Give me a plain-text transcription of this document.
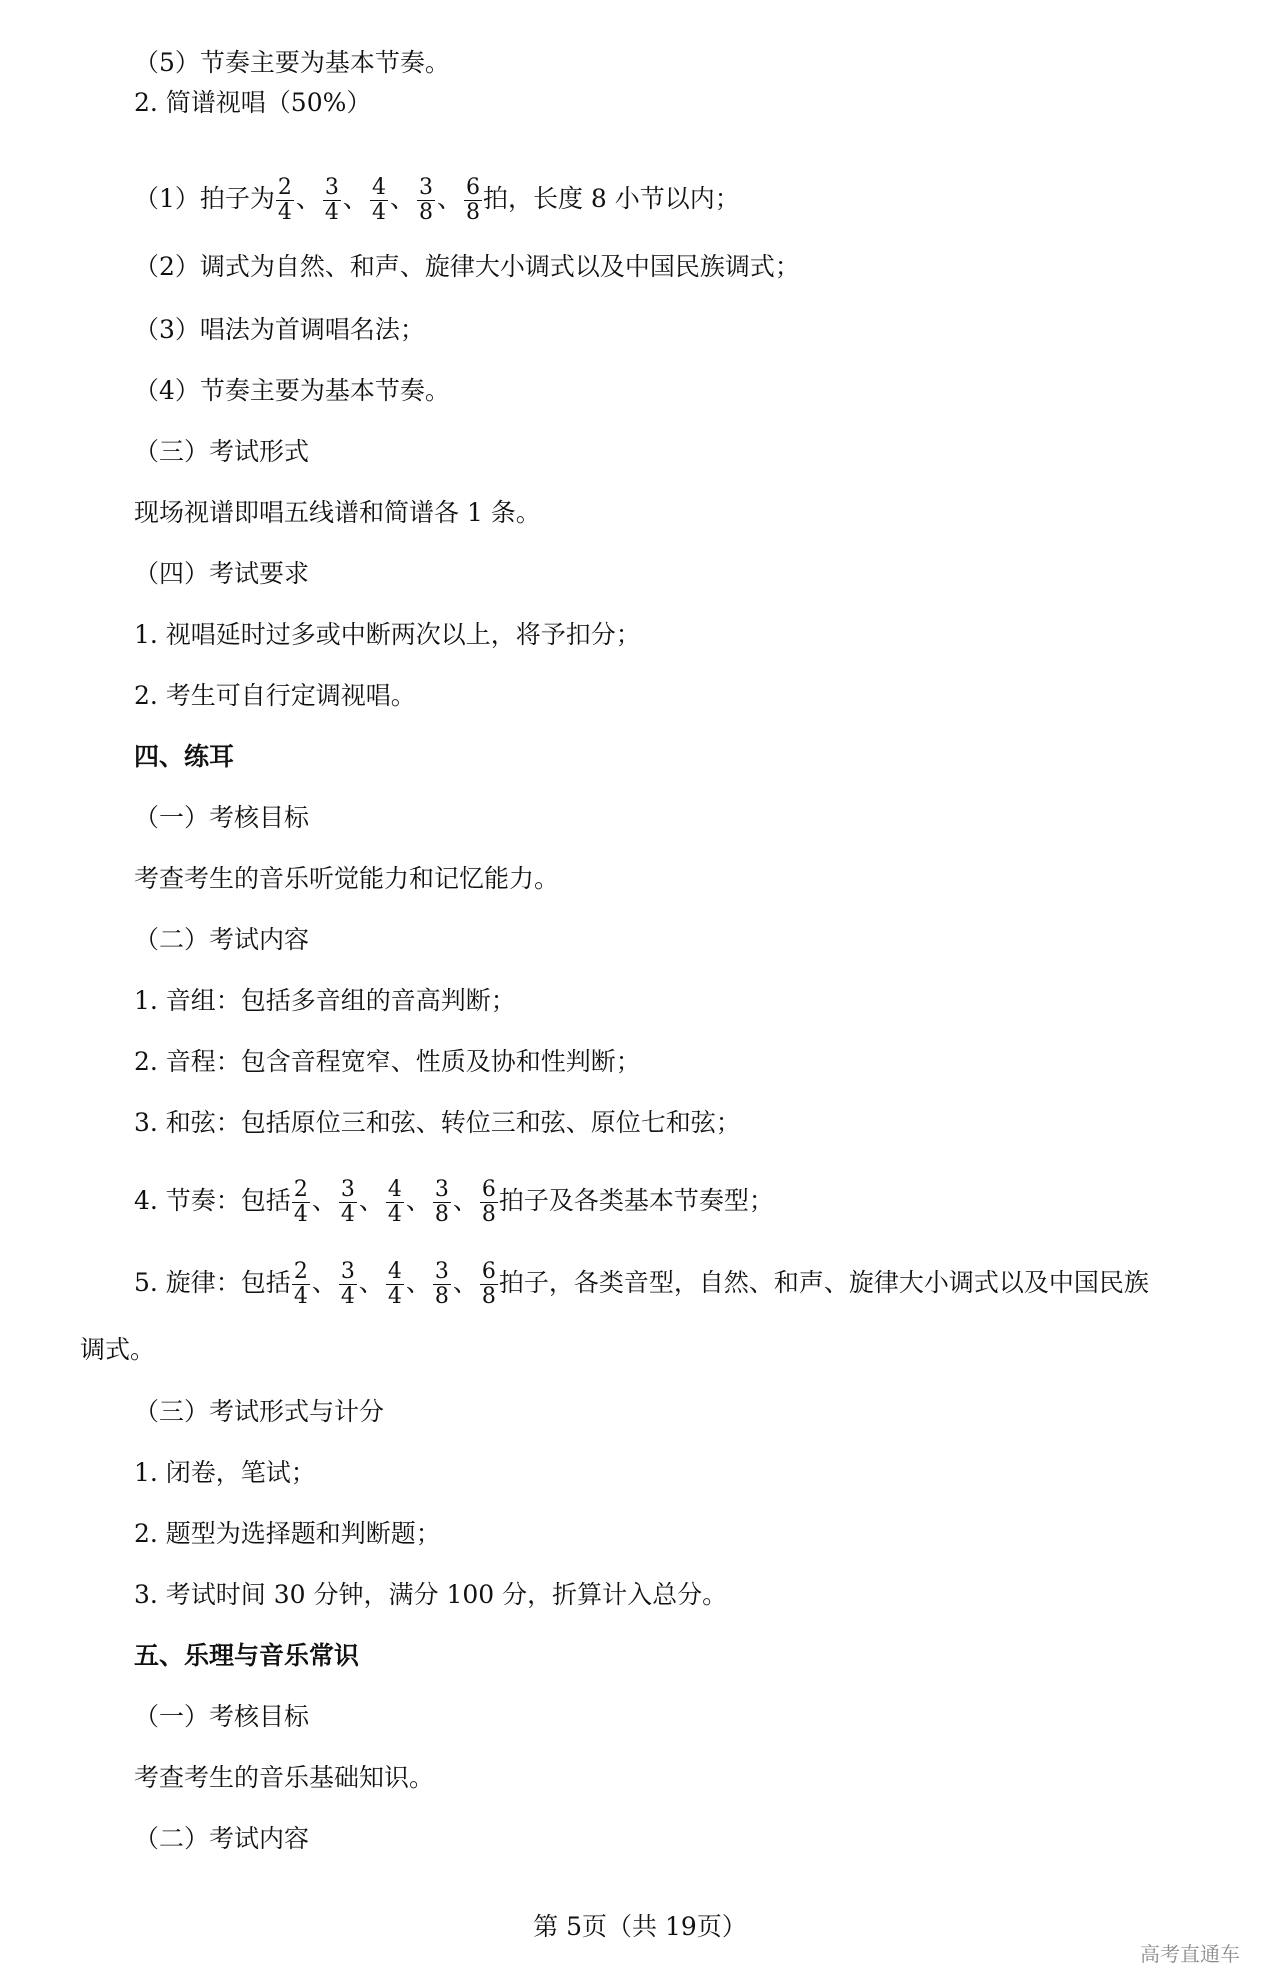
（5）节奏主要为基本节奏。
2. 简谱视唱（50%）
（1）拍子为 $\frac{2}{4}$ 、 $\frac{3}{4}$ 、 $\frac{4}{4}$ 、 $\frac{3}{8}$ 、 $\frac{6}{8}$ 拍，长度 8 小节以内；
（2）调式为自然、和声、旋律大小调式以及中国民族调式；
（3）唱法为首调唱名法；
（4）节奏主要为基本节奏。
（三）考试形式
现场视谱即唱五线谱和简谱各 1 条。
（四）考试要求
1. 视唱延时过多或中断两次以上，将予扣分；
2. 考生可自行定调视唱。
四、练耳
（一）考核目标
考查考生的音乐听觉能力和记忆能力。
（二）考试内容
1. 音组：包括多音组的音高判断；
2. 音程：包含音程宽窄、性质及协和性判断；
3. 和弦：包括原位三和弦、转位三和弦、原位七和弦；
4. 节奏：包括 $\frac{2}{4}$ 、 $\frac{3}{4}$ 、 $\frac{4}{4}$ 、 $\frac{3}{8}$ 、 $\frac{6}{8}$ 拍子及各类基本节奏型；
5. 旋律：包括 $\frac{2}{4}$ 、 $\frac{3}{4}$ 、 $\frac{4}{4}$ 、 $\frac{3}{8}$ 、 $\frac{6}{8}$ 拍子，各类音型，自然、和声、旋律大小调式以及中国民族
调式。
（三）考试形式与计分
1. 闭卷，笔试；
2. 题型为选择题和判断题；
3. 考试时间 30 分钟，满分 100 分，折算计入总分。
五、乐理与音乐常识
（一）考核目标
考查考生的音乐基础知识。
（二）考试内容
第 5页（共 19页）
高考直通车
